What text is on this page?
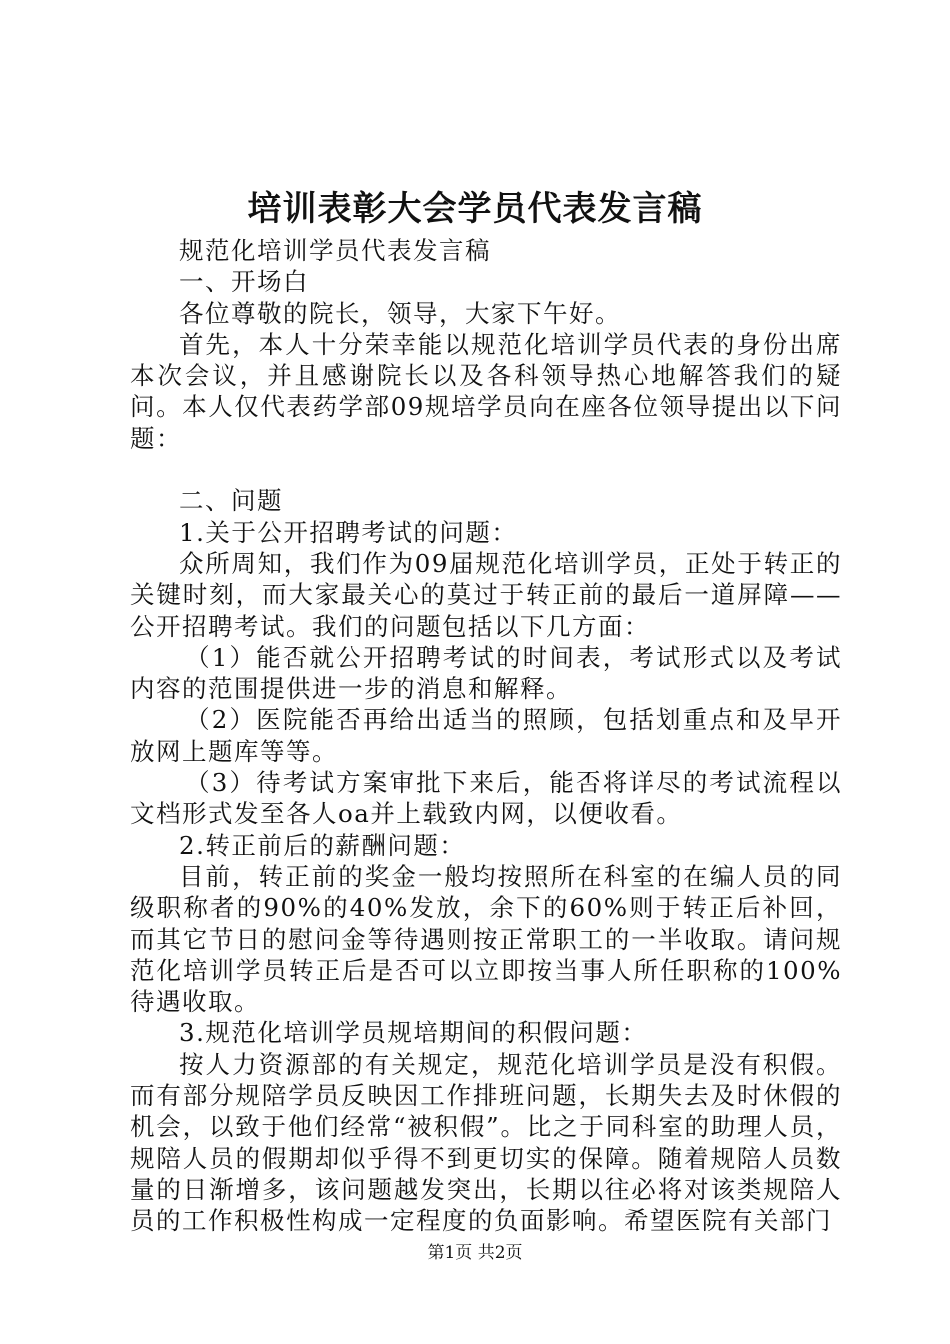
培训表彰大会学员代表发言稿

规范化培训学员代表发言稿

一、开场白

各位尊敬的院长，领导，大家下午好。

首先，本人十分荣幸能以规范化培训学员代表的身份出席本次会议，并且感谢院长以及各科领导热心地解答我们的疑问。本人仅代表药学部09规培学员向在座各位领导提出以下问题：

二、问题

1.关于公开招聘考试的问题：

众所周知，我们作为09届规范化培训学员，正处于转正的关键时刻，而大家最关心的莫过于转正前的最后一道屏障——公开招聘考试。我们的问题包括以下几方面：

（1）能否就公开招聘考试的时间表，考试形式以及考试内容的范围提供进一步的消息和解释。

（2）医院能否再给出适当的照顾，包括划重点和及早开放网上题库等等。

（3）待考试方案审批下来后，能否将详尽的考试流程以文档形式发至各人oa并上载致内网，以便收看。

2.转正前后的薪酬问题：

目前，转正前的奖金一般均按照所在科室的在编人员的同级职称者的90%的40%发放，余下的60%则于转正后补回，而其它节日的慰问金等待遇则按正常职工的一半收取。请问规范化培训学员转正后是否可以立即按当事人所任职称的100%待遇收取。

3.规范化培训学员规培期间的积假问题：

按人力资源部的有关规定，规范化培训学员是没有积假。而有部分规陪学员反映因工作排班问题，长期失去及时休假的机会，以致于他们经常“被积假”。比之于同科室的助理人员，规陪人员的假期却似乎得不到更切实的保障。随着规陪人员数量的日渐增多，该问题越发突出，长期以往必将对该类规陪人员的工作积极性构成一定程度的负面影响。希望医院有关部门

第1页 共2页
